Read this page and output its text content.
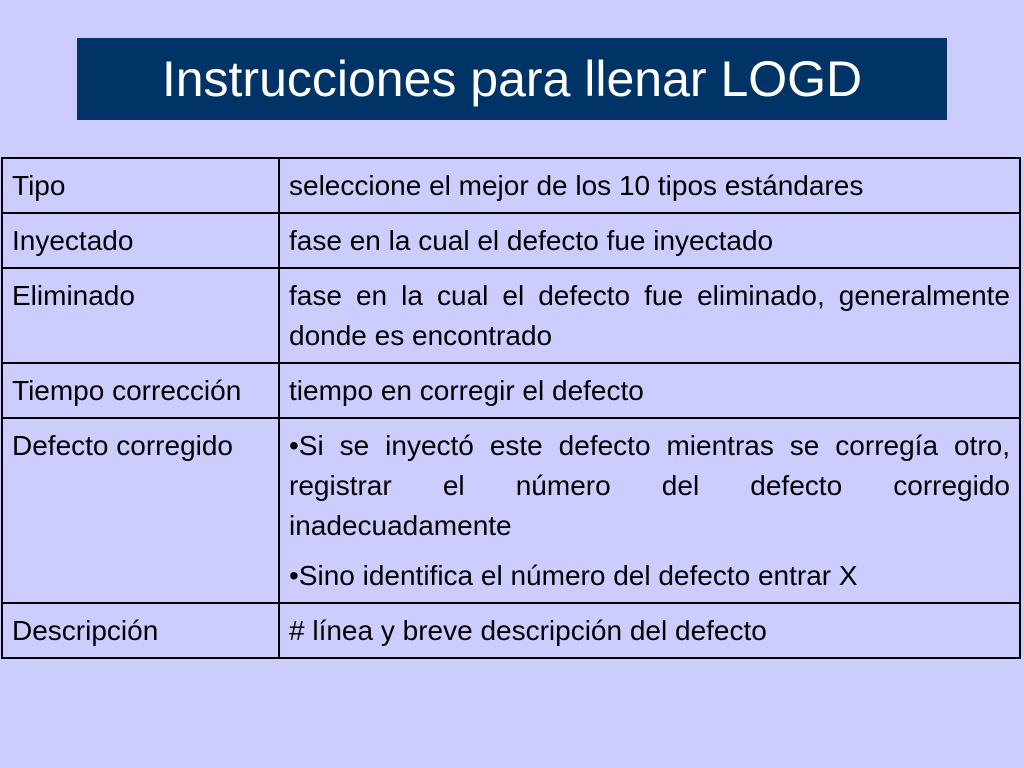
Instrucciones para llenar LOGD
Tipo	seleccione el mejor de los 10 tipos estándares
Inyectado	fase en la cual el defecto fue inyectado
Eliminado	fase en la cual el defecto fue eliminado, generalmente donde es encontrado
Tiempo corrección	tiempo en corregir el defecto
Defecto corregido	•Si se inyectó este defecto mientras se corregía otro, registrar el número del defecto corregido inadecuadamente
•Sino identifica el número del defecto entrar X

Descripción	# línea y breve descripción del defecto
